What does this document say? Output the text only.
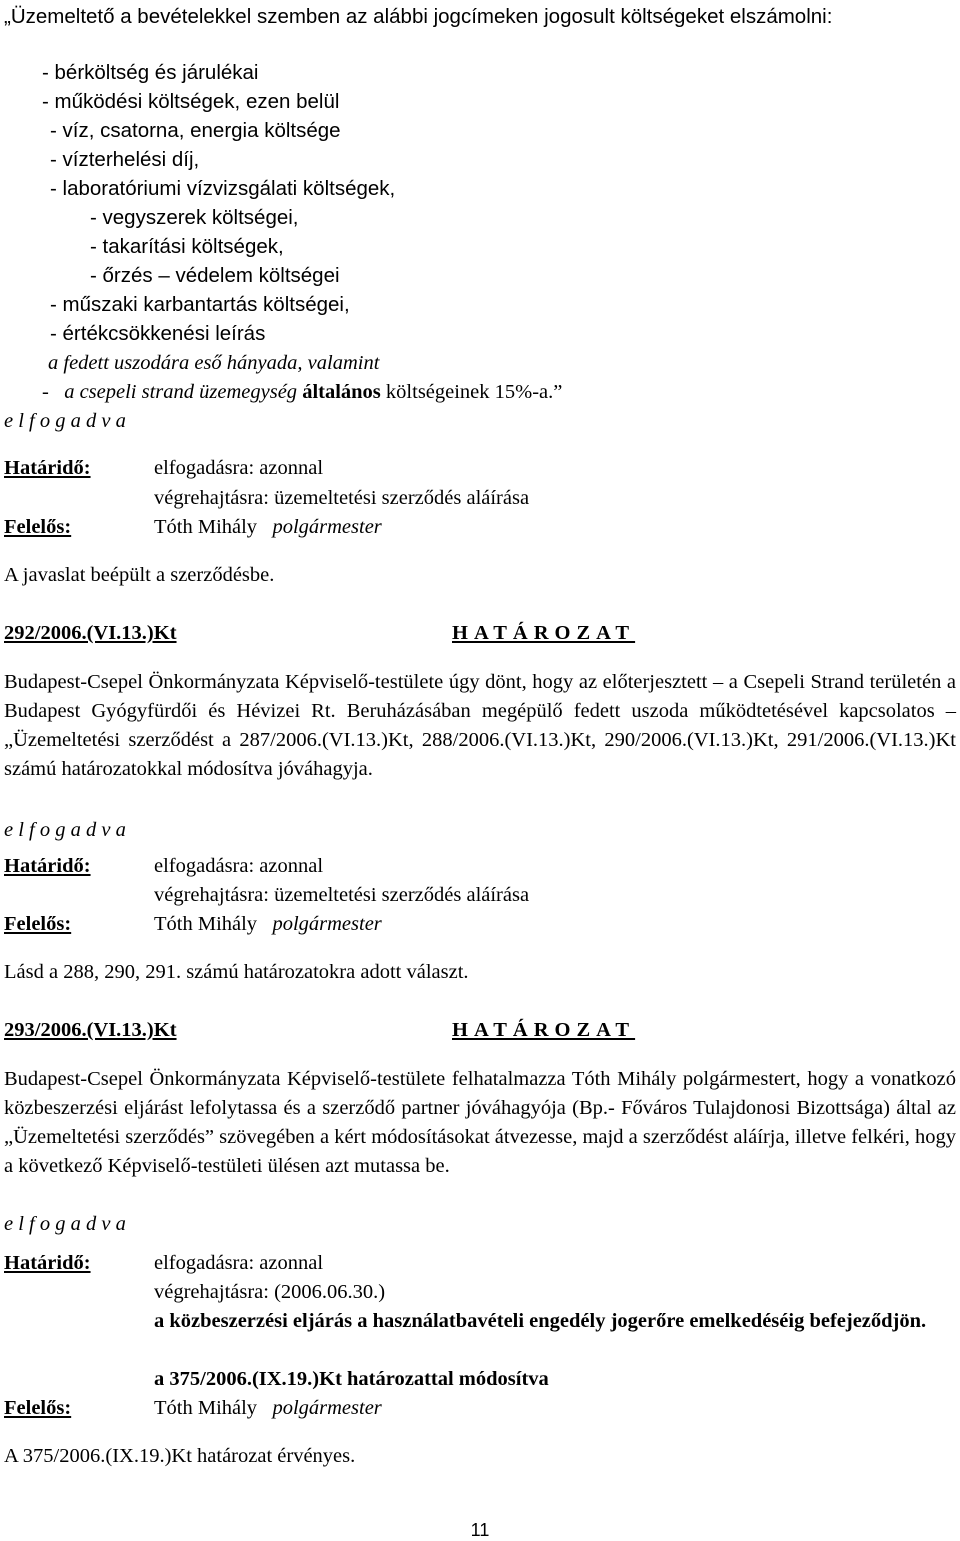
„Üzemeltető a bevételekkel szemben az alábbi jogcímeken jogosult költségeket elszámolni:
- bérköltség és járulékai
- működési költségek, ezen belül
- víz, csatorna, energia költsége
- vízterhelési díj,
- laboratóriumi vízvizsgálati költségek,
- vegyszerek költségei,
- takarítási költségek,
- őrzés – védelem költségei
- műszaki karbantartás költségei,
- értékcsökkenési leírás
a fedett uszodára eső hányada, valamint
- a csepeli strand üzemegység általános költségeinek 15%-a.”
e l f o g a d v a
Határidő:	elfogadásra: azonnal
végrehajtásra: üzemeltetési szerződés aláírása
Felelős:	Tóth Mihály polgármester
A javaslat beépült a szerződésbe.
292/2006.(VI.13.)Kt	HATÁROZAT
Budapest-Csepel Önkormányzata Képviselő-testülete úgy dönt, hogy az előterjesztett – a Csepeli Strand területén a Budapest Gyógyfürdői és Hévizei Rt. Beruházásában megépülő fedett uszoda működtetésével kapcsolatos – „Üzemeltetési szerződést a 287/2006.(VI.13.)Kt, 288/2006.(VI.13.)Kt, 290/2006.(VI.13.)Kt, 291/2006.(VI.13.)Kt számú határozatokkal módosítva jóváhagyja.
e l f o g a d v a
Határidő:	elfogadásra: azonnal
végrehajtásra: üzemeltetési szerződés aláírása
Felelős:	Tóth Mihály polgármester
Lásd a 288, 290, 291. számú határozatokra adott választ.
293/2006.(VI.13.)Kt	HATÁROZAT
Budapest-Csepel Önkormányzata Képviselő-testülete felhatalmazza Tóth Mihály polgármestert, hogy a vonatkozó közbeszerzési eljárást lefolytassa és a szerződő partner jóváhagyója (Bp.- Főváros Tulajdonosi Bizottsága) által az „Üzemeltetési szerződés” szövegében a kért módosításokat átvezesse, majd a szerződést aláírja, illetve felkéri, hogy a következő Képviselő-testületi ülésen azt mutassa be.
e l f o g a d v a
Határidő:	elfogadásra: azonnal
végrehajtásra: (2006.06.30.)
a közbeszerzési eljárás a használatbavételi engedély jogerőre emelkedéséig befejeződjön.
a 375/2006.(IX.19.)Kt határozattal módosítva
Felelős:	Tóth Mihály polgármester
A 375/2006.(IX.19.)Kt határozat érvényes.
11
